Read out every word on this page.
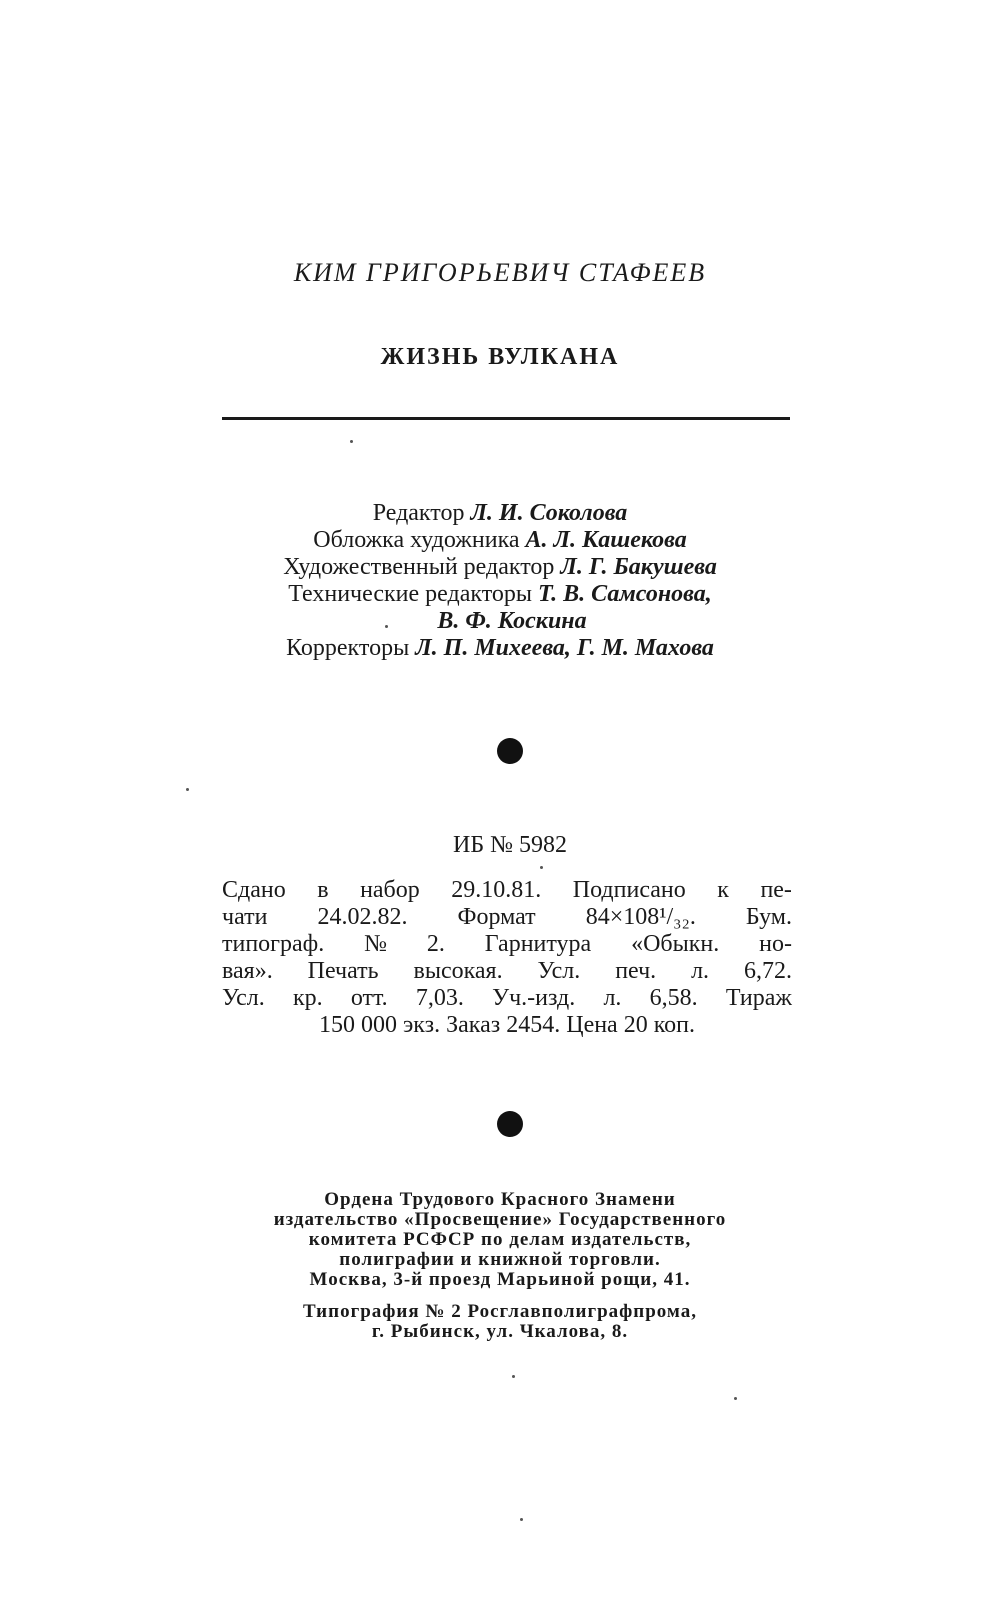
КИМ ГРИГОРЬЕВИЧ СТАФЕЕВ
ЖИЗНЬ ВУЛКАНА
Редактор Л. И. Соколова
Обложка художника А. Л. Кашекова
Художественный редактор Л. Г. Бакушева
Технические редакторы Т. В. Самсонова,
В. Ф. Коскина
Корректоры Л. П. Михеева, Г. М. Махова
ИБ № 5982
Сдано в набор 29.10.81. Подписано к пе-
чати 24.02.82. Формат 84×108¹/₃₂. Бум.
типограф. № 2. Гарнитура «Обыкн. но-
вая». Печать высокая. Усл. печ. л. 6,72.
Усл. кр. отт. 7,03. Уч.-изд. л. 6,58. Тираж
150 000 экз. Заказ 2454. Цена 20 коп.
Ордена Трудового Красного Знамени
издательство «Просвещение» Государственного
комитета РСФСР по делам издательств,
полиграфии и книжной торговли.
Москва, 3-й проезд Марьиной рощи, 41.
Типография № 2 Росглавполиграфпрома,
г. Рыбинск, ул. Чкалова, 8.
